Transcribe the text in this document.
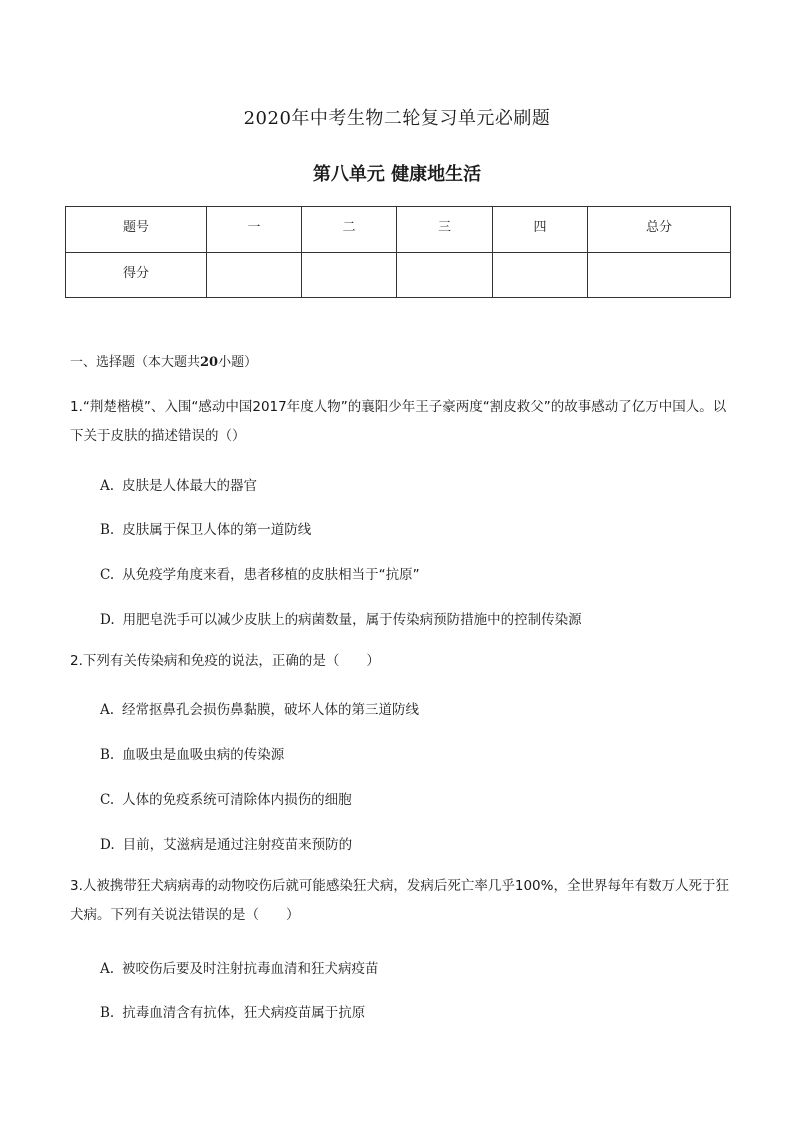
2020年中考生物二轮复习单元必刷题
第八单元 健康地生活
题号	一	二	三	四	总分
得分					
一、选择题（本大题共20小题）
1.“荆楚楷模”、入围“感动中国2017年度人物”的襄阳少年王子豪两度“割皮救父”的故事感动了亿万中国人。以下关于皮肤的描述错误的（）
A. 皮肤是人体最大的器官
B. 皮肤属于保卫人体的第一道防线
C. 从免疫学角度来看，患者移植的皮肤相当于“抗原”
D. 用肥皂洗手可以减少皮肤上的病菌数量，属于传染病预防措施中的控制传染源
2.下列有关传染病和免疫的说法，正确的是（　　）
A. 经常抠鼻孔会损伤鼻黏膜，破坏人体的第三道防线
B. 血吸虫是血吸虫病的传染源
C. 人体的免疫系统可清除体内损伤的细胞
D. 目前，艾滋病是通过注射疫苗来预防的
3.人被携带狂犬病病毒的动物咬伤后就可能感染狂犬病，发病后死亡率几乎100%，全世界每年有数万人死于狂犬病。下列有关说法错误的是（　　）
A. 被咬伤后要及时注射抗毒血清和狂犬病疫苗
B. 抗毒血清含有抗体，狂犬病疫苗属于抗原
